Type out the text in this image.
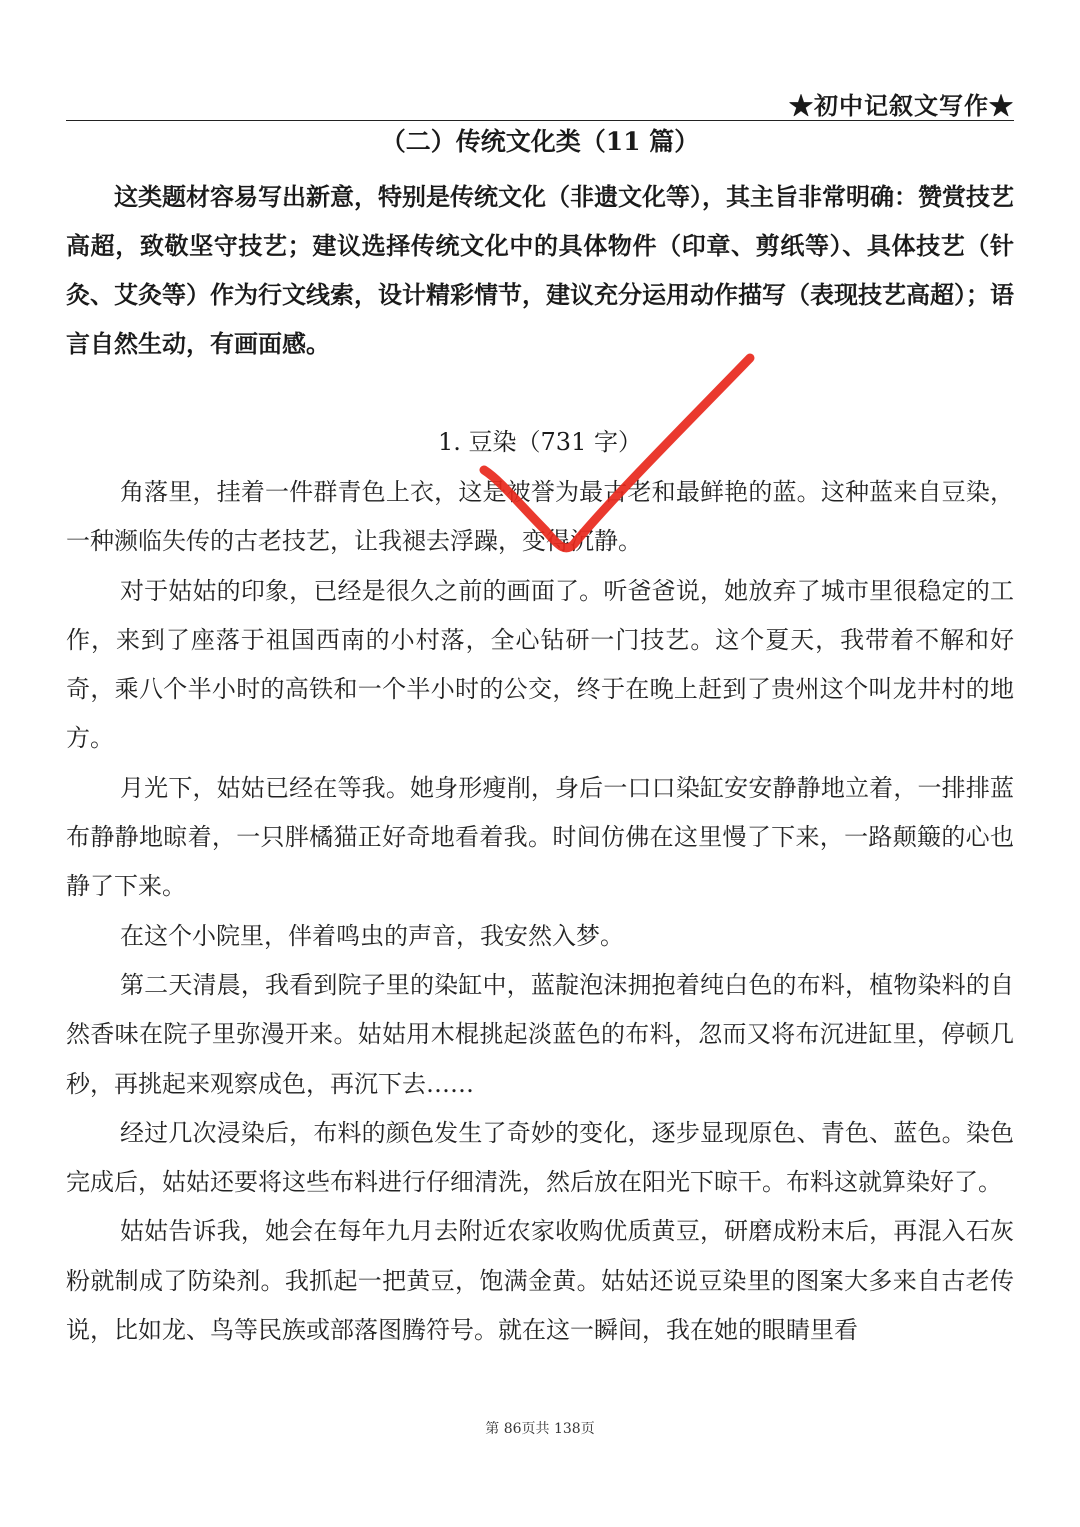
★初中记叙文写作★
（二）传统文化类（11 篇）

这类题材容易写出新意，特别是传统文化（非遗文化等），其主旨非常明确：赞赏技艺高超，致敬坚守技艺；建议选择传统文化中的具体物件（印章、剪纸等）、具体技艺（针灸、艾灸等）作为行文线索，设计精彩情节，建议充分运用动作描写（表现技艺高超）；语言自然生动，有画面感。

1. 豆染（731 字）

角落里，挂着一件群青色上衣，这是被誉为最古老和最鲜艳的蓝。这种蓝来自豆染，一种濒临失传的古老技艺，让我褪去浮躁，变得沉静。

对于姑姑的印象，已经是很久之前的画面了。听爸爸说，她放弃了城市里很稳定的工作，来到了座落于祖国西南的小村落，全心钻研一门技艺。这个夏天，我带着不解和好奇，乘八个半小时的高铁和一个半小时的公交，终于在晚上赶到了贵州这个叫龙井村的地方。

月光下，姑姑已经在等我。她身形瘦削，身后一口口染缸安安静静地立着，一排排蓝布静静地晾着，一只胖橘猫正好奇地看着我。时间仿佛在这里慢了下来，一路颠簸的心也静了下来。

在这个小院里，伴着鸣虫的声音，我安然入梦。

第二天清晨，我看到院子里的染缸中，蓝靛泡沫拥抱着纯白色的布料，植物染料的自然香味在院子里弥漫开来。姑姑用木棍挑起淡蓝色的布料，忽而又将布沉进缸里，停顿几秒，再挑起来观察成色，再沉下去……

经过几次浸染后，布料的颜色发生了奇妙的变化，逐步显现原色、青色、蓝色。染色完成后，姑姑还要将这些布料进行仔细清洗，然后放在阳光下晾干。布料这就算染好了。

姑姑告诉我，她会在每年九月去附近农家收购优质黄豆，研磨成粉末后，再混入石灰粉就制成了防染剂。我抓起一把黄豆，饱满金黄。姑姑还说豆染里的图案大多来自古老传说，比如龙、鸟等民族或部落图腾符号。就在这一瞬间，我在她的眼睛里看

第 86页共 138页
